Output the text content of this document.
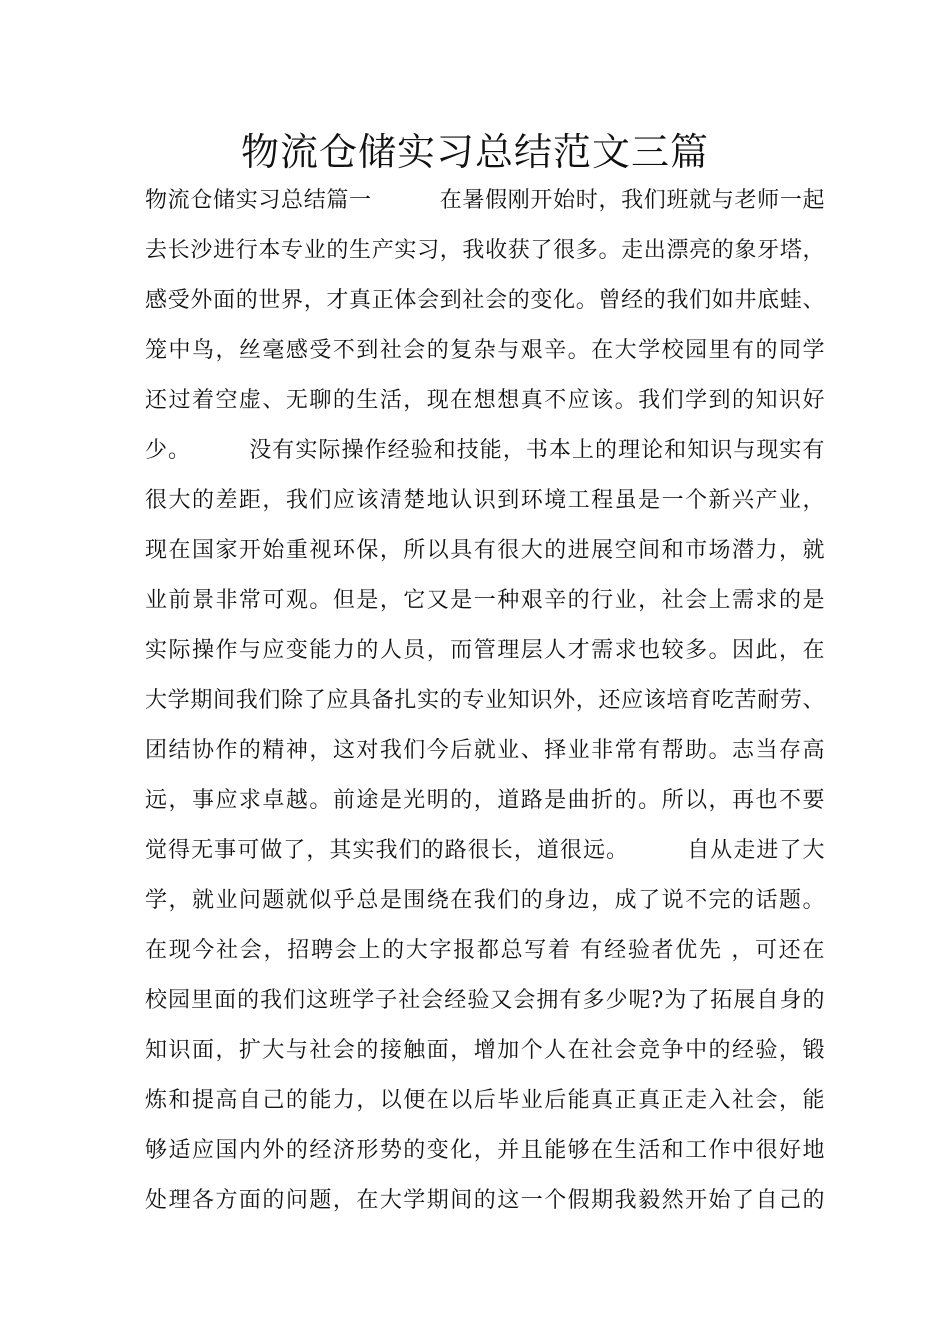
物流仓储实习总结范文三篇
物流仓储实习总结篇一　　　在暑假刚开始时，我们班就与老师一起
去长沙进行本专业的生产实习，我收获了很多。走出漂亮的象牙塔，
感受外面的世界，才真正体会到社会的变化。曾经的我们如井底蛙、
笼中鸟，丝毫感受不到社会的复杂与艰辛。在大学校园里有的同学
还过着空虚、无聊的生活，现在想想真不应该。我们学到的知识好
少。　　　没有实际操作经验和技能，书本上的理论和知识与现实有
很大的差距，我们应该清楚地认识到环境工程虽是一个新兴产业，
现在国家开始重视环保，所以具有很大的进展空间和市场潜力，就
业前景非常可观。但是，它又是一种艰辛的行业，社会上需求的是
实际操作与应变能力的人员，而管理层人才需求也较多。因此，在
大学期间我们除了应具备扎实的专业知识外，还应该培育吃苦耐劳、
团结协作的精神，这对我们今后就业、择业非常有帮助。志当存高
远，事应求卓越。前途是光明的，道路是曲折的。所以，再也不要
觉得无事可做了，其实我们的路很长，道很远。　　　自从走进了大
学，就业问题就似乎总是围绕在我们的身边，成了说不完的话题。
在现今社会，招聘会上的大字报都总写着 有经验者优先 ，可还在
校园里面的我们这班学子社会经验又会拥有多少呢?为了拓展自身的
知识面，扩大与社会的接触面，增加个人在社会竞争中的经验，锻
炼和提高自己的能力，以便在以后毕业后能真正真正走入社会，能
够适应国内外的经济形势的变化，并且能够在生活和工作中很好地
处理各方面的问题，在大学期间的这一个假期我毅然开始了自己的
